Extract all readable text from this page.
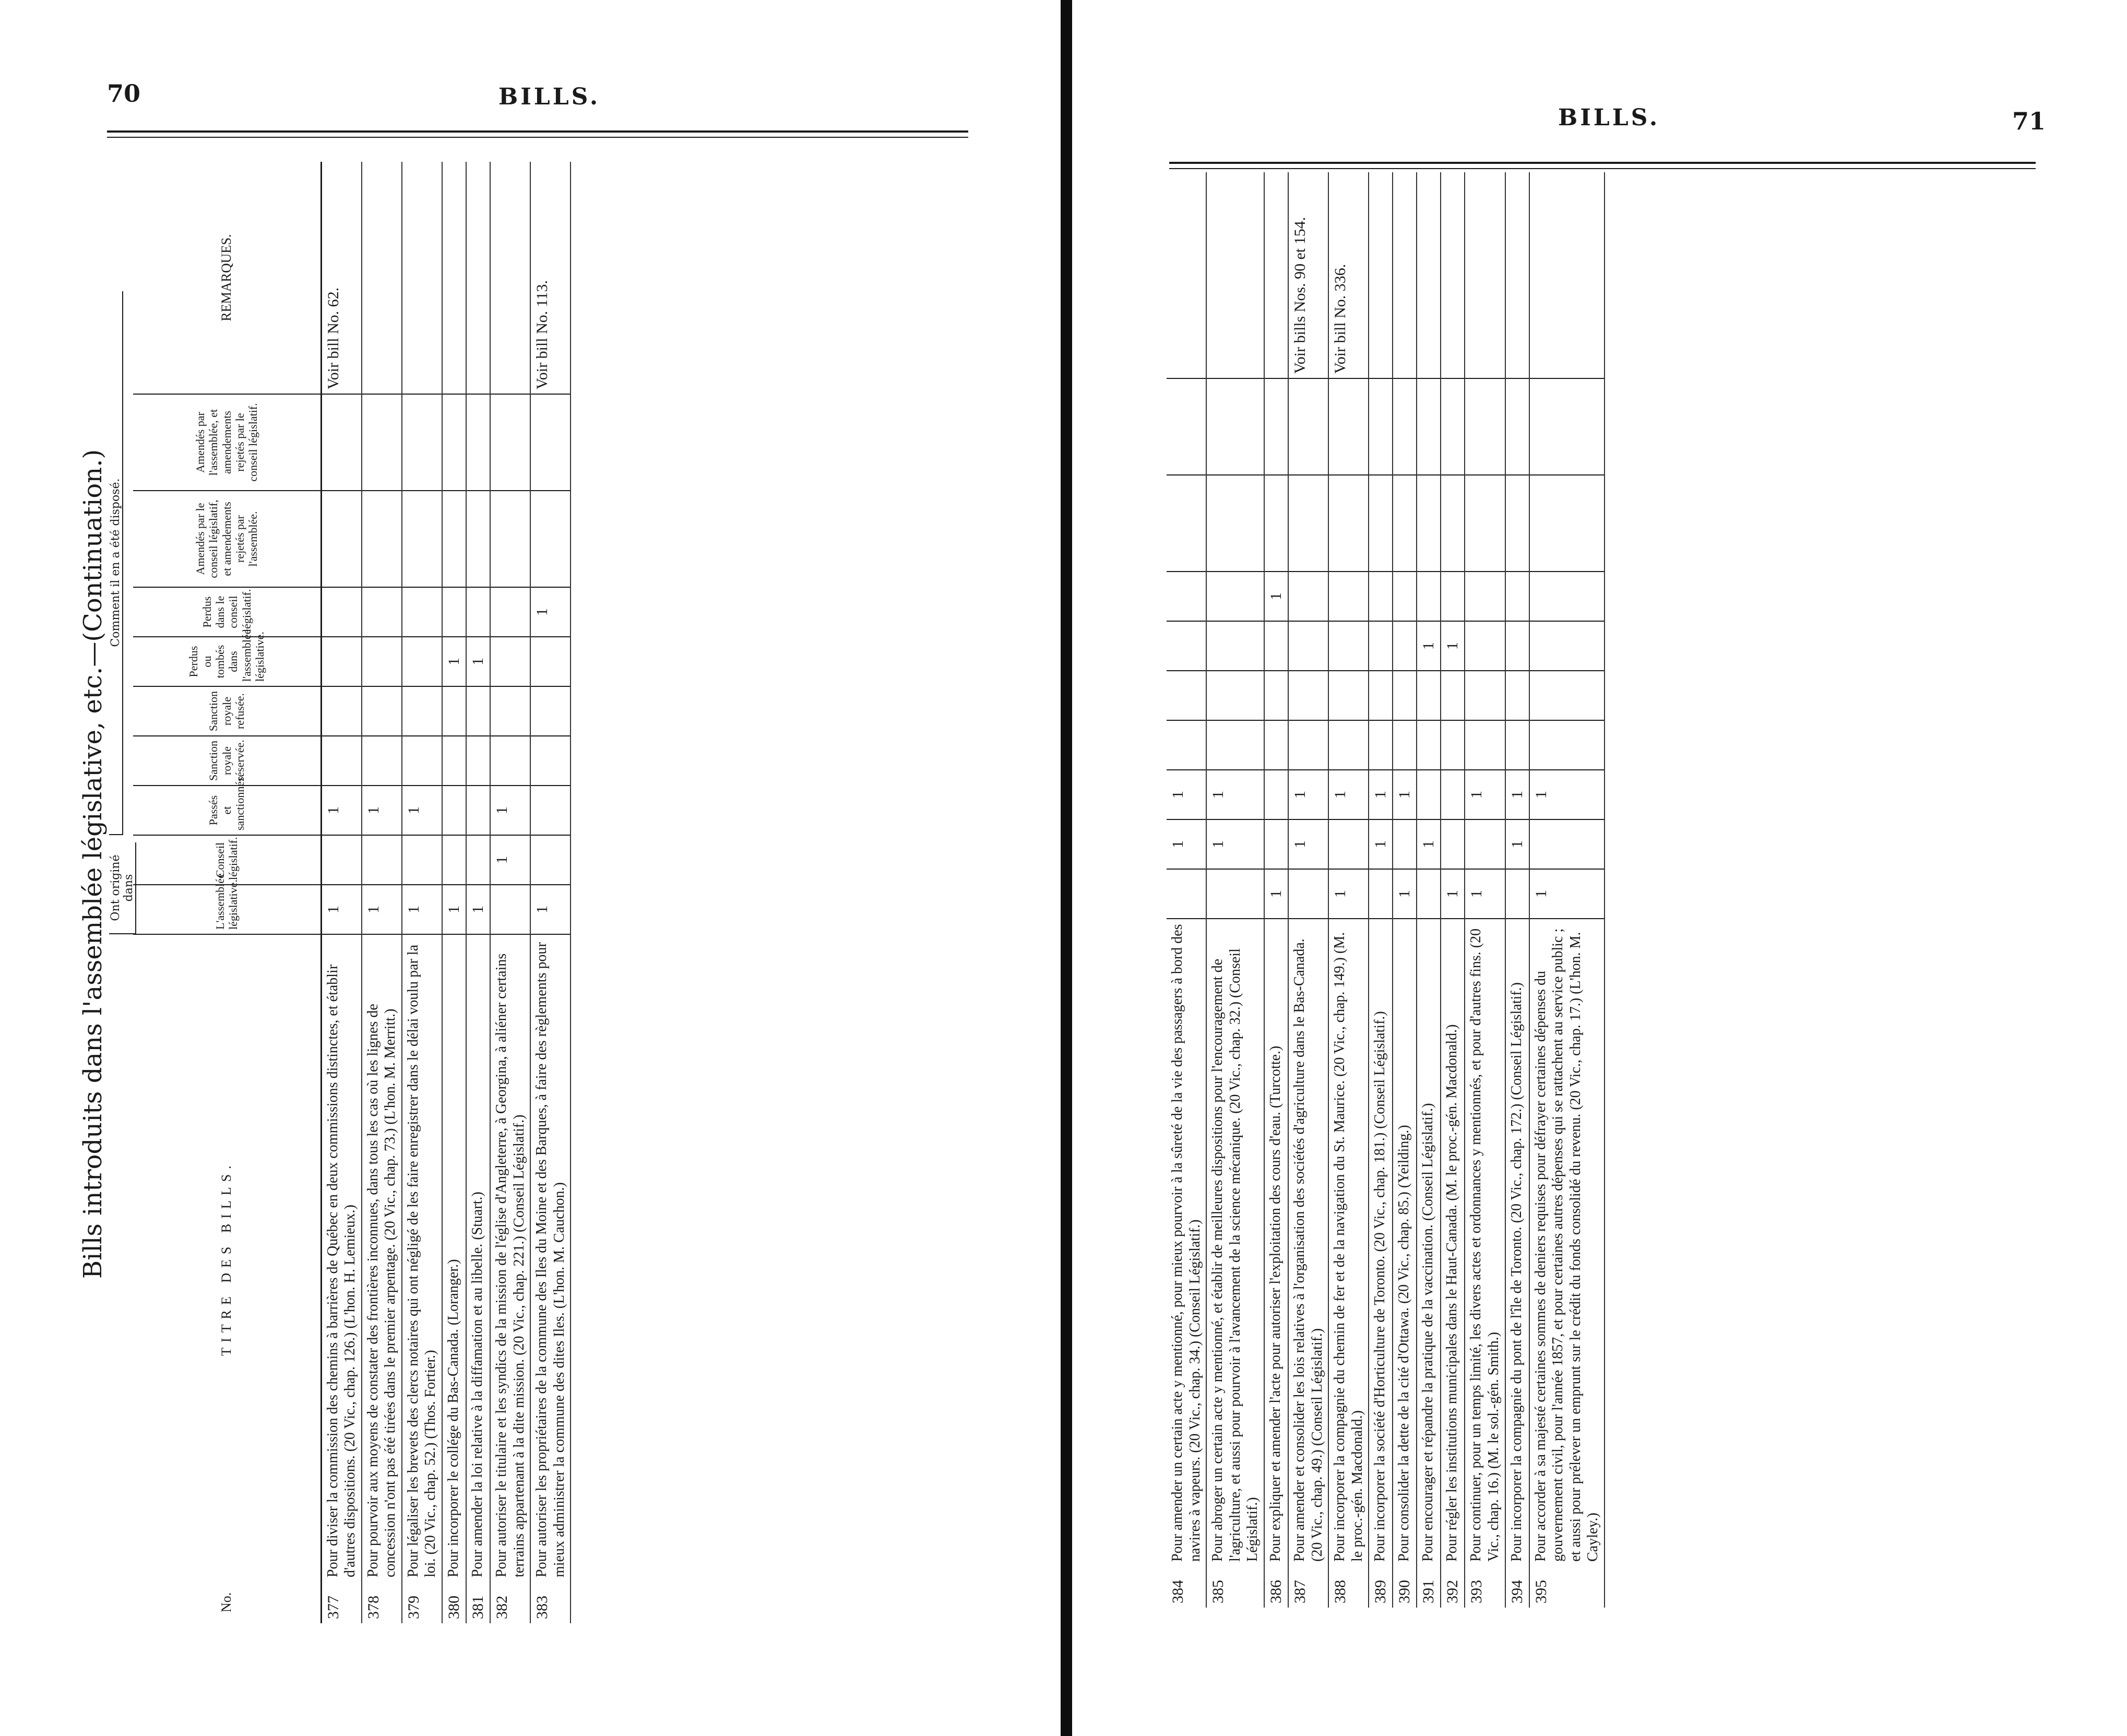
70	BILLS.
Bills introduits dans l'assemblée législative, etc.—(Continuation.)
No.	TITRE DES BILLS.	L'assemblée législative.	Conseil législatif.	Passés et sanctionnés.	Sanction royale réservée.	Sanction royale refusée.	Perdus ou tombés dans l'assemblée législative.	Perdus dans le conseil législatif.	Amendés par le conseil législatif, et amendements rejetés par l'assemblée.	Amendés par l'assemblée, et amendements rejetés par le conseil législatif.	REMARQUES.
377	Pour diviser la commission des chemins à barrières de Québec en deux commissions distinctes, et établir d'autres dispositions. (20 Vic., chap. 126.) (L'hon. H. Lemieux.)	1		1							Voir bill No. 62.
378	Pour pourvoir aux moyens de constater des frontières inconnues, dans tous les cas où les lignes de concession n'ont pas été tirées dans le premier arpentage. (20 Vic., chap. 73.) (L'hon. M. Merritt.)	1		1							
379	Pour légaliser les brevets des clercs notaires qui ont négligé de les faire enregistrer dans le délai voulu par la loi. (20 Vic., chap. 52.) (Thos. Fortier.)	1		1							
380	Pour incorporer le collége du Bas-Canada. (Loranger.)	1					1				
381	Pour amender la loi relative à la diffamation et au libelle. (Stuart.)	1					1				
382	Pour autoriser le titulaire et les syndics de la mission de l'église d'Angleterre, à Georgina, à aliéner certains terrains appartenant à la dite mission. (20 Vic., chap. 221.) (Conseil Législatif.)		1	1							
383	Pour autoriser les propriétaires de la commune des Iles du Moine et des Barques, à faire des règlements pour mieux administrer la commune des dites Iles. (L'hon. M. Cauchon.)	1						1			Voir bill No. 113.
Ont originé dans
Comment il en a été disposé.
BILLS.	71
384	Pour amender un certain acte y mentionné, pour mieux pourvoir à la sûreté de la vie des passagers à bord des navires à vapeurs. (20 Vic., chap. 34.) (Conseil Législatif.)		1	1							
385	Pour abroger un certain acte y mentionné, et établir de meilleures dispositions pour l'encouragement de l'agriculture, et aussi pour pourvoir à l'avancement de la science mécanique. (20 Vic., chap. 32.) (Conseil Législatif.)		1	1							
386	Pour expliquer et amender l'acte pour autoriser l'exploitation des cours d'eau. (Turcotte.)	1						1			
387	Pour amender et consolider les lois relatives à l'organisation des sociétés d'agriculture dans le Bas-Canada. (20 Vic., chap. 49.) (Conseil Législatif.)		1	1							Voir bills Nos. 90 et 154.
388	Pour incorporer la compagnie du chemin de fer et de la navigation du St. Maurice. (20 Vic., chap. 149.) (M. le proc.-gén. Macdonald.)	1		1							Voir bill No. 336.
389	Pour incorporer la société d'Horticulture de Toronto. (20 Vic., chap. 181.) (Conseil Législatif.)		1	1							
390	Pour consolider la dette de la cité d'Ottawa. (20 Vic., chap. 85.) (Yeilding.)	1		1							
391	Pour encourager et répandre la pratique de la vaccination. (Conseil Législatif.)		1				1				
392	Pour régler les institutions municipales dans le Haut-Canada. (M. le proc.-gén. Macdonald.)	1					1				
393	Pour continuer, pour un temps limité, les divers actes et ordonnances y mentionnés, et pour d'autres fins. (20 Vic., chap. 16.) (M. le sol.-gén. Smith.)	1		1							
394	Pour incorporer la compagnie du pont de l'île de Toronto. (20 Vic., chap. 172.) (Conseil Législatif.)		1	1							
395	Pour accorder à sa majesté certaines sommes de deniers requises pour défrayer certaines dépenses du gouvernement civil, pour l'année 1857, et pour certaines autres dépenses qui se rattachent au service public ; et aussi pour prélever un emprunt sur le crédit du fonds consolidé du revenu. (20 Vic., chap. 17.) (L'hon. M. Cayley.)	1		1							
